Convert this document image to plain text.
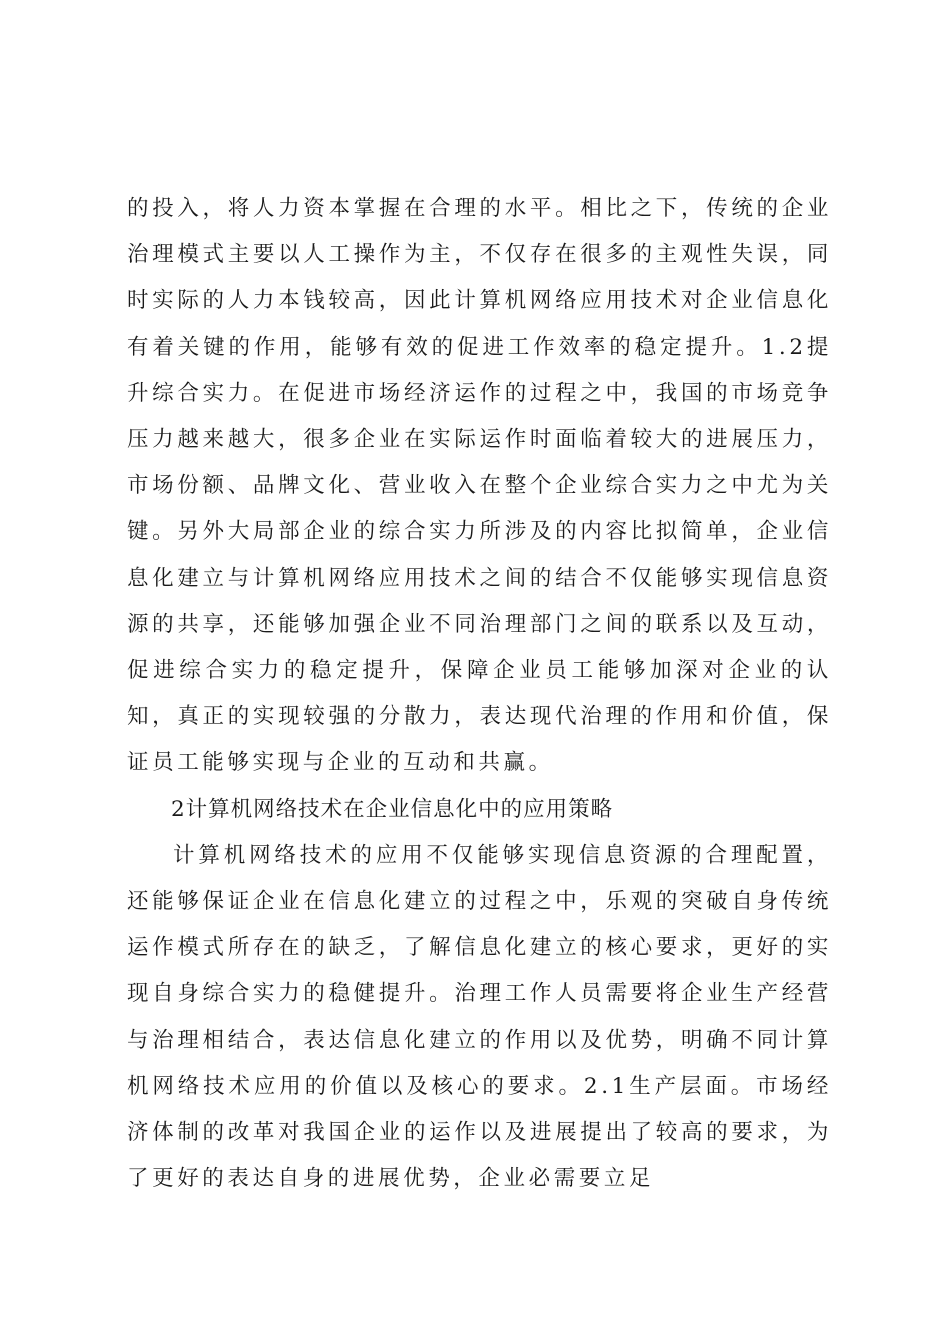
的投入，将人力资本掌握在合理的水平。相比之下，传统的企业治理模式主要以人工操作为主，不仅存在很多的主观性失误，同时实际的人力本钱较高，因此计算机网络应用技术对企业信息化有着关键的作用，能够有效的促进工作效率的稳定提升。1.2提升综合实力。在促进市场经济运作的过程之中，我国的市场竞争压力越来越大，很多企业在实际运作时面临着较大的进展压力，市场份额、品牌文化、营业收入在整个企业综合实力之中尤为关键。另外大局部企业的综合实力所涉及的内容比拟简单，企业信息化建立与计算机网络应用技术之间的结合不仅能够实现信息资源的共享，还能够加强企业不同治理部门之间的联系以及互动，促进综合实力的稳定提升，保障企业员工能够加深对企业的认知，真正的实现较强的分散力，表达现代治理的作用和价值，保证员工能够实现与企业的互动和共赢。

2计算机网络技术在企业信息化中的应用策略

计算机网络技术的应用不仅能够实现信息资源的合理配置，还能够保证企业在信息化建立的过程之中，乐观的突破自身传统运作模式所存在的缺乏，了解信息化建立的核心要求，更好的实现自身综合实力的稳健提升。治理工作人员需要将企业生产经营与治理相结合，表达信息化建立的作用以及优势，明确不同计算机网络技术应用的价值以及核心的要求。2.1生产层面。市场经济体制的改革对我国企业的运作以及进展提出了较高的要求，为了更好的表达自身的进展优势，企业必需要立足
